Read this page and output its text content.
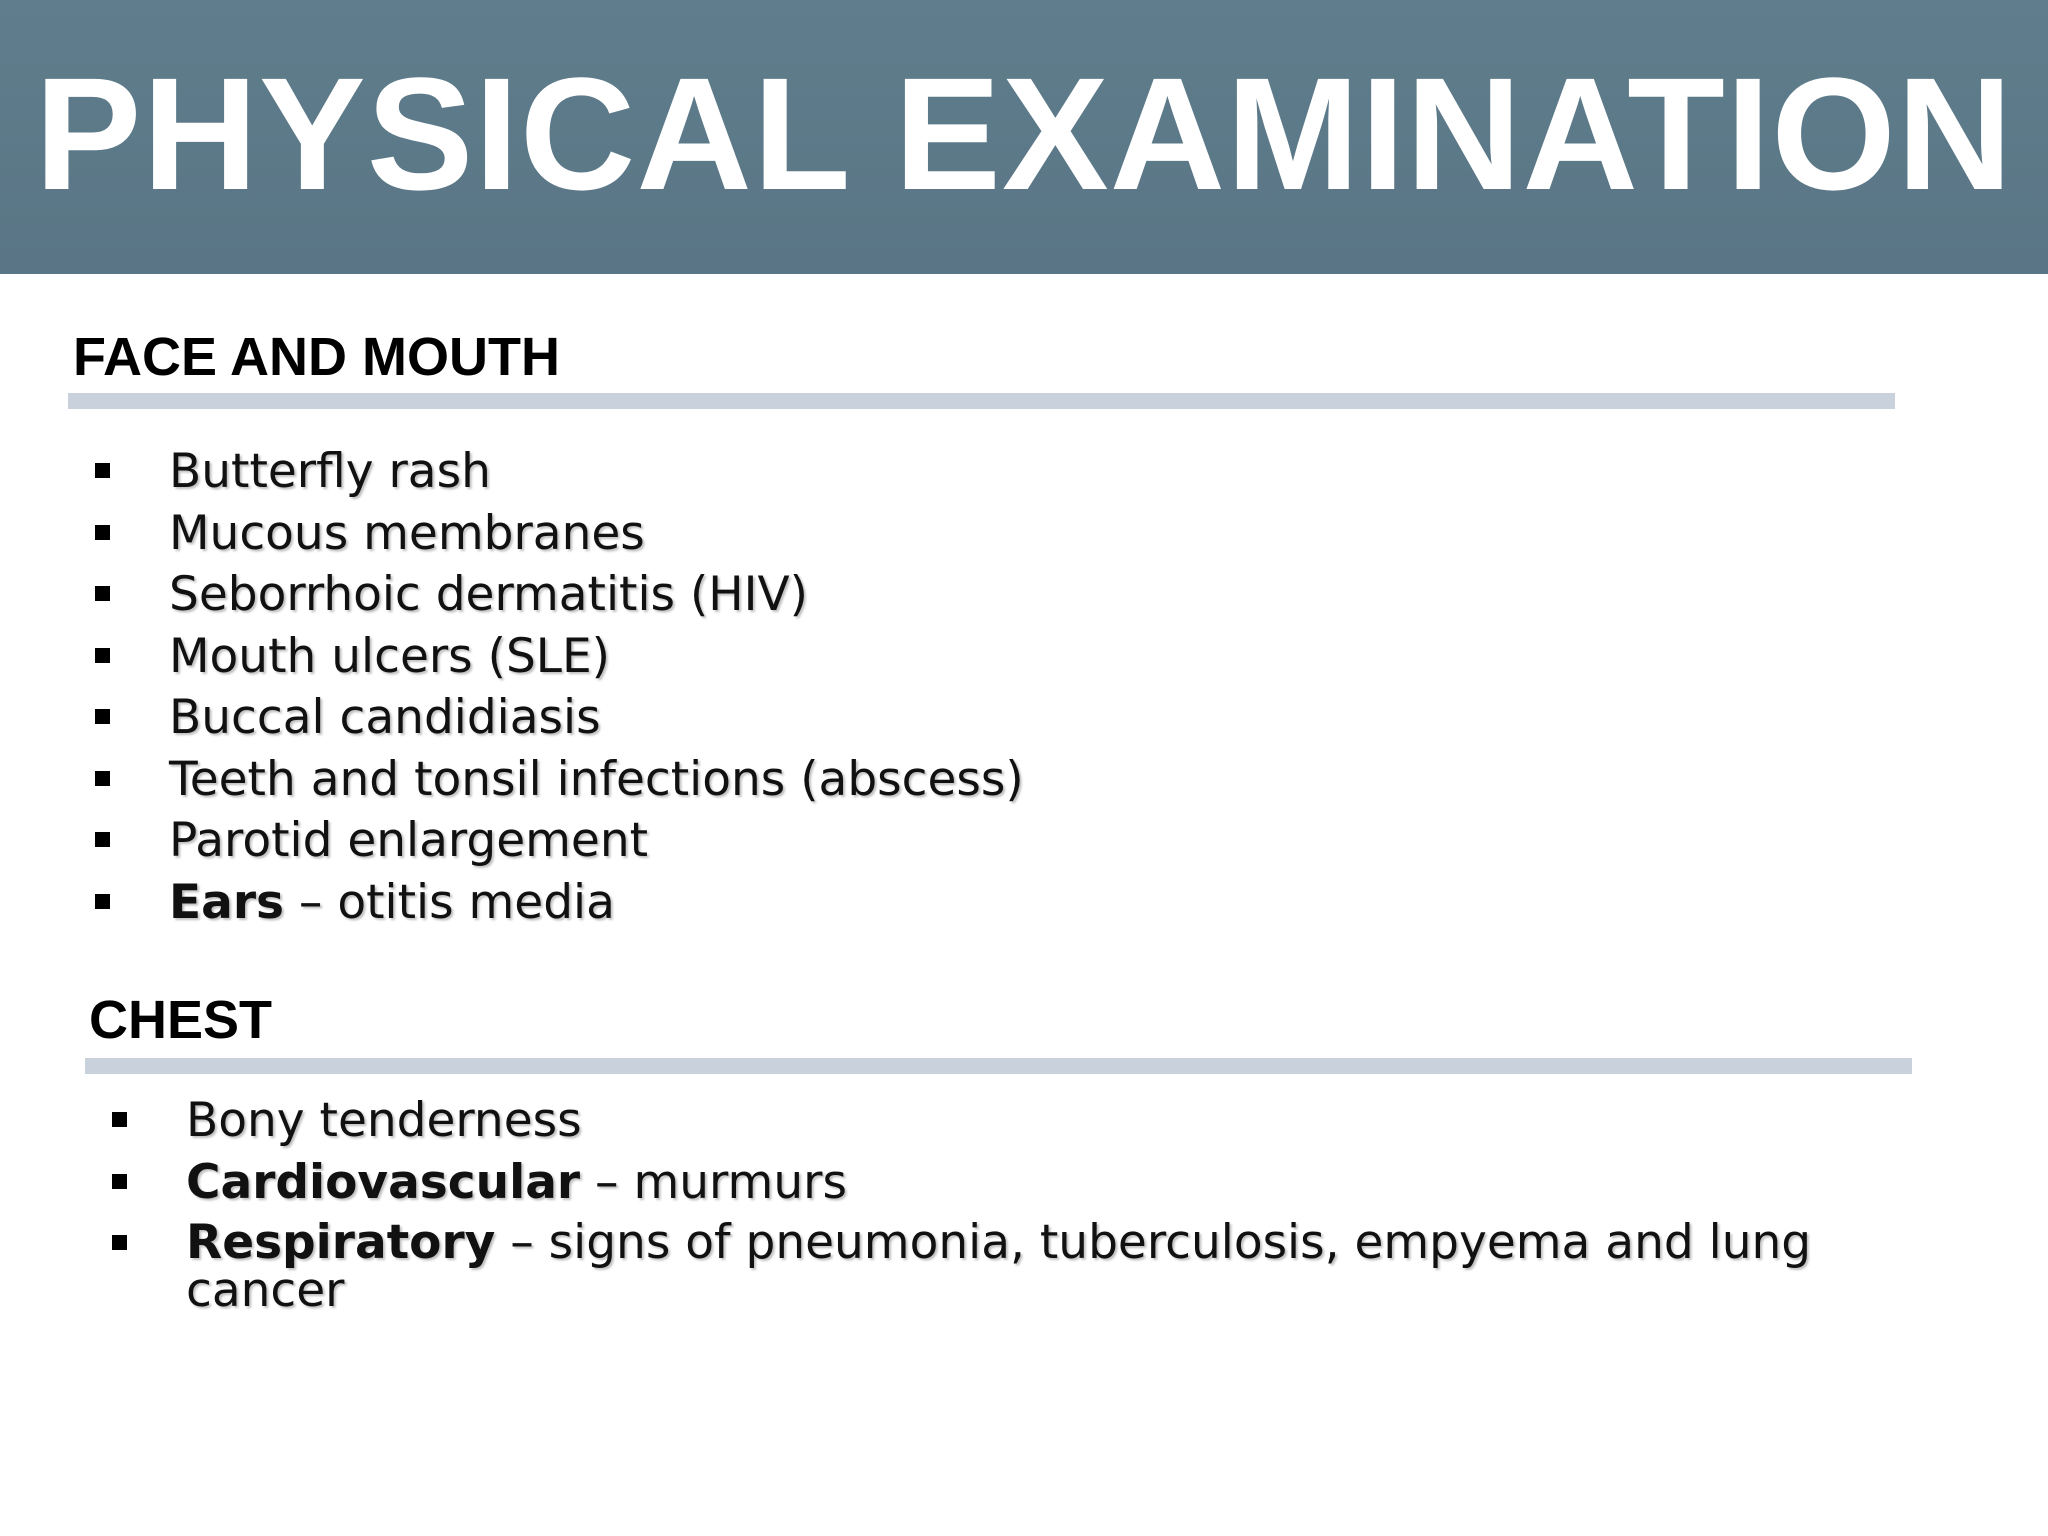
PHYSICAL EXAMINATION
FACE AND MOUTH
Butterfly rash
Mucous membranes
Seborrhoic dermatitis (HIV)
Mouth ulcers (SLE)
Buccal candidiasis
Teeth and tonsil infections (abscess)
Parotid enlargement
Ears – otitis media
CHEST
Bony tenderness
Cardiovascular – murmurs
Respiratory – signs of pneumonia, tuberculosis, empyema and lung cancer
